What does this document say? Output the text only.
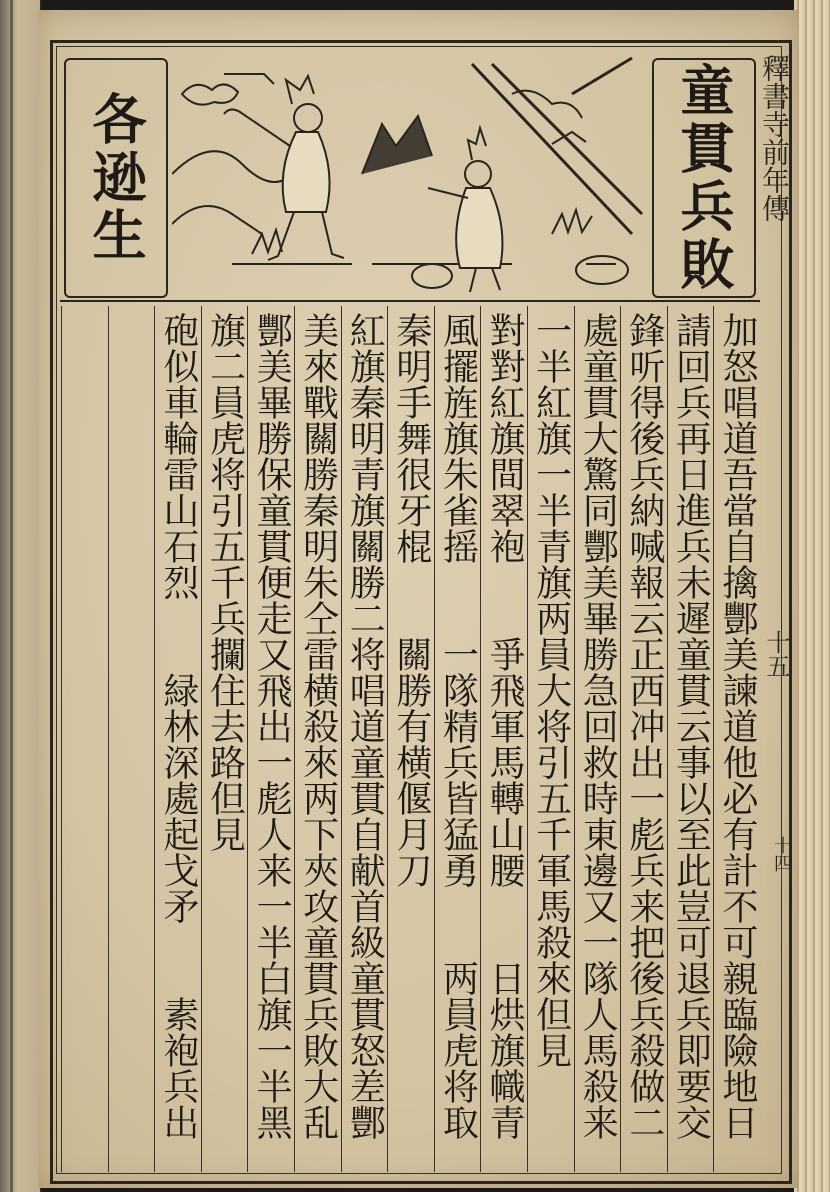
童貫兵敗
各逊生
加怒唱道吾當自擒酆美諫道他必有計不可親臨險地日
請回兵再日進兵未遲童貫云事以至此豈可退兵即要交
鋒听得後兵納喊報云正西冲出一彪兵来把後兵殺做二
處童貫大驚同酆美畢勝急回救時東邊又一隊人馬殺来
一半紅旗一半青旗两員大将引五千軍馬殺來但見
對對紅旗間翠袍　　爭飛軍馬轉山腰　　日烘旗幟青
風擺旌旗朱雀摇　　一隊精兵皆猛勇　　两員虎将取
秦明手舞很牙棍　　關勝有横偃月刀
紅旗秦明青旗關勝二将唱道童貫自献首級童貫怒差酆
美來戰關勝秦明朱仝雷横殺來两下夾攻童貫兵敗大乱
酆美畢勝保童貫便走又飛出一彪人来一半白旗一半黑
旗二員虎将引五千兵攔住去路但見
砲似車輪雷山石烈　　緑林深處起戈矛　　素袍兵出
釋書寺前年傳
十五
十四
